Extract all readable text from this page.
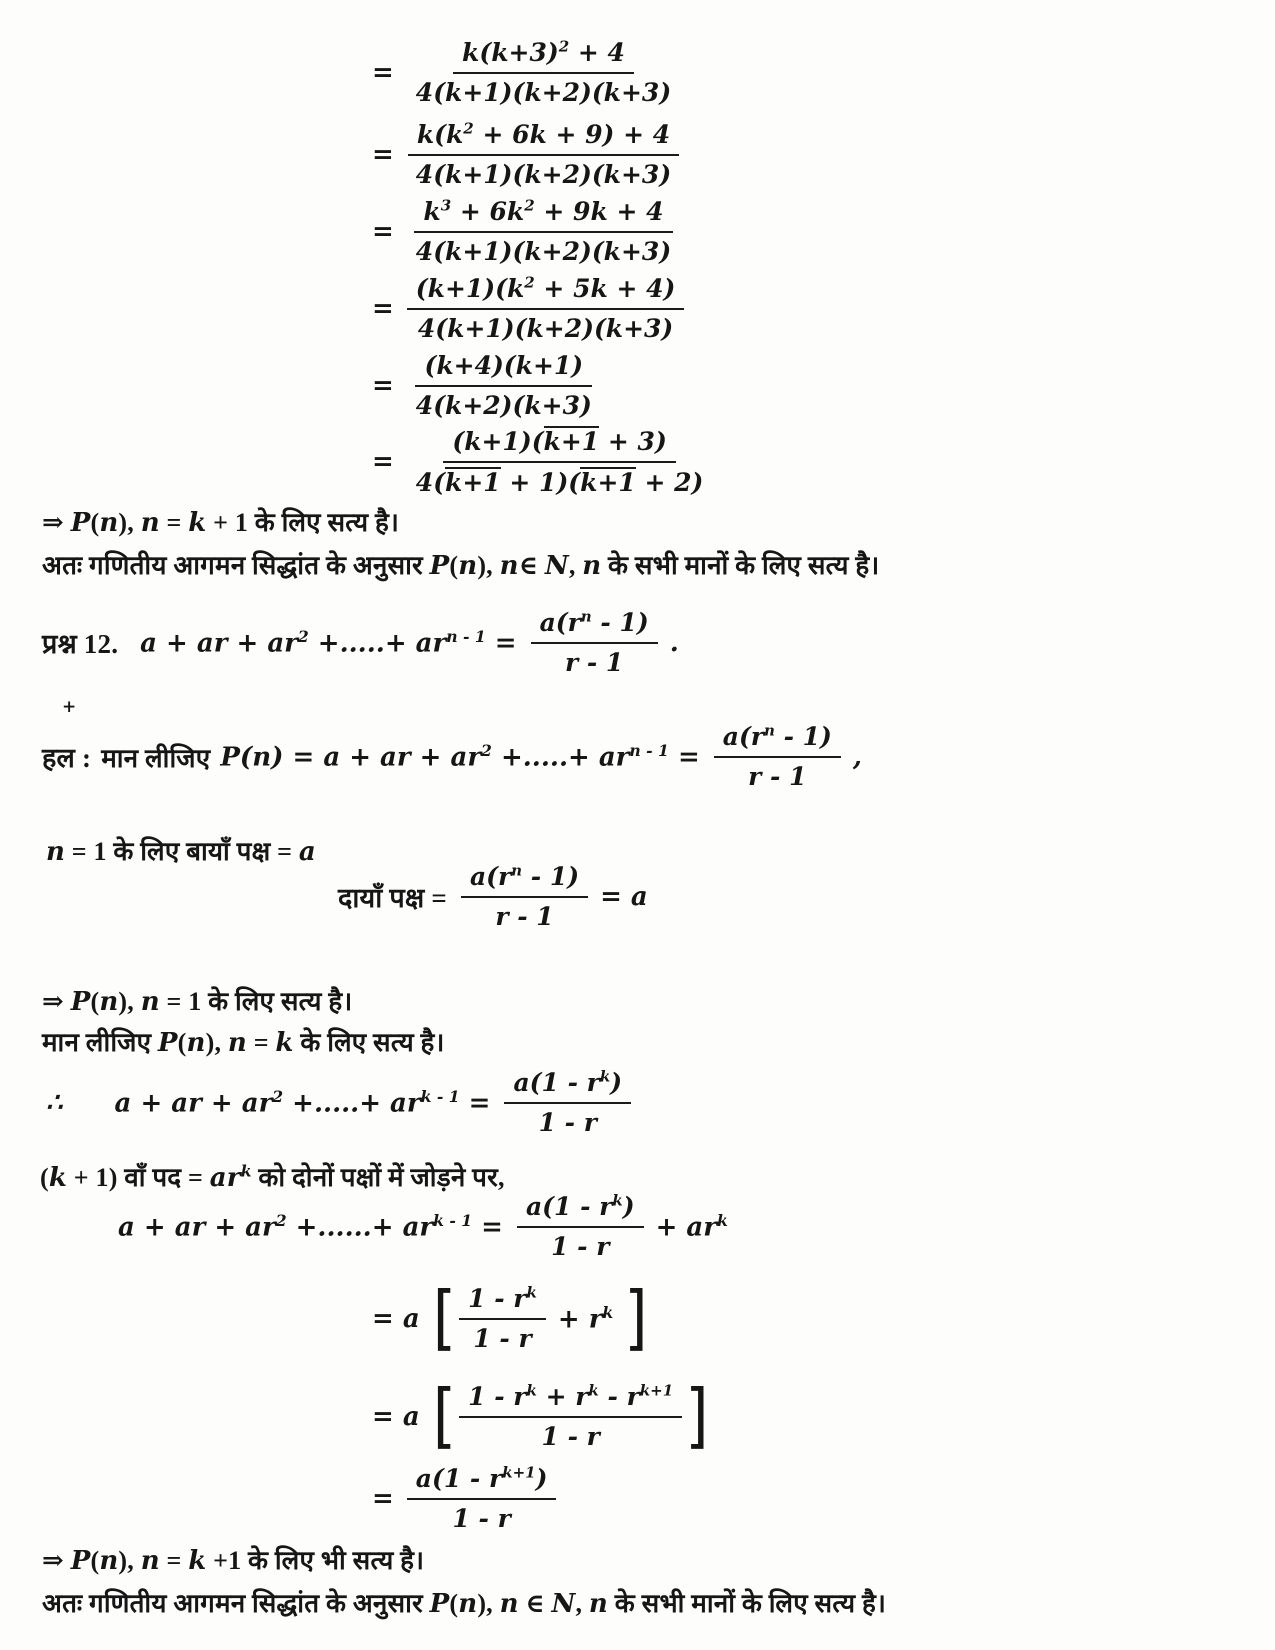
= $\frac{k(k+3)^2 + 4}{4(k+1)(k+2)(k+3)}$
= $\frac{k(k^2 + 6k + 9) + 4}{4(k+1)(k+2)(k+3)}$
= $\frac{k^3 + 6k^2 + 9k + 4}{4(k+1)(k+2)(k+3)}$
= $\frac{(k+1)(k^2 + 5k + 4)}{4(k+1)(k+2)(k+3)}$
= $\frac{(k+4)(k+1)}{4(k+2)(k+3)}$
= $\frac{(k+1)(k+1 + 3)}{4(k+1 + 1)(k+1 + 2)}$
⇒ P(n), n = k + 1 के लिए सत्य है।
अतः गणितीय आगमन सिद्धांत के अनुसार P(n), n∈ N, n के सभी मानों के लिए सत्य है।
प्रश्न 12. a + ar + $ar^2$ +.....+ $ar^{n - 1} = \frac{a(r^n - 1)}{r - 1}$ .
+
हल : मान लीजिए P(n) = a + ar + $ar^2$ +.....+ $ar^{n - 1} = \frac{a(r^n - 1)}{r - 1}$ ,
n = 1 के लिए बायाँ पक्ष = a
दायाँ पक्ष = $\frac{a(r^n - 1)}{r - 1} = a$
⇒ P(n), n = 1 के लिए सत्य है।
मान लीजिए P(n), n = k के लिए सत्य है।
∴ a + ar + $ar^2$ +.....+ $ar^{k - 1} = \frac{a(1 - r^k)}{1 - r}$
(k + 1) वाँ पद = $ar^k$ को दोनों पक्षों में जोड़ने पर,
a + ar + $ar^2$ +......+ $ar^{k - 1} = \frac{a(1 - r^k)}{1 - r} + ar^k$
= a [ $\frac{1 - r^k}{1 - r} + r^k$ ]
= a [ $\frac{1 - r^k + r^k - r^{k+1}}{1 - r}$ ]
= $\frac{a(1 - r^{k+1})}{1 - r}$
⇒ P(n), n = k +1 के लिए भी सत्य है।
अतः गणितीय आगमन सिद्धांत के अनुसार P(n), n ∈ N, n के सभी मानों के लिए सत्य है।
